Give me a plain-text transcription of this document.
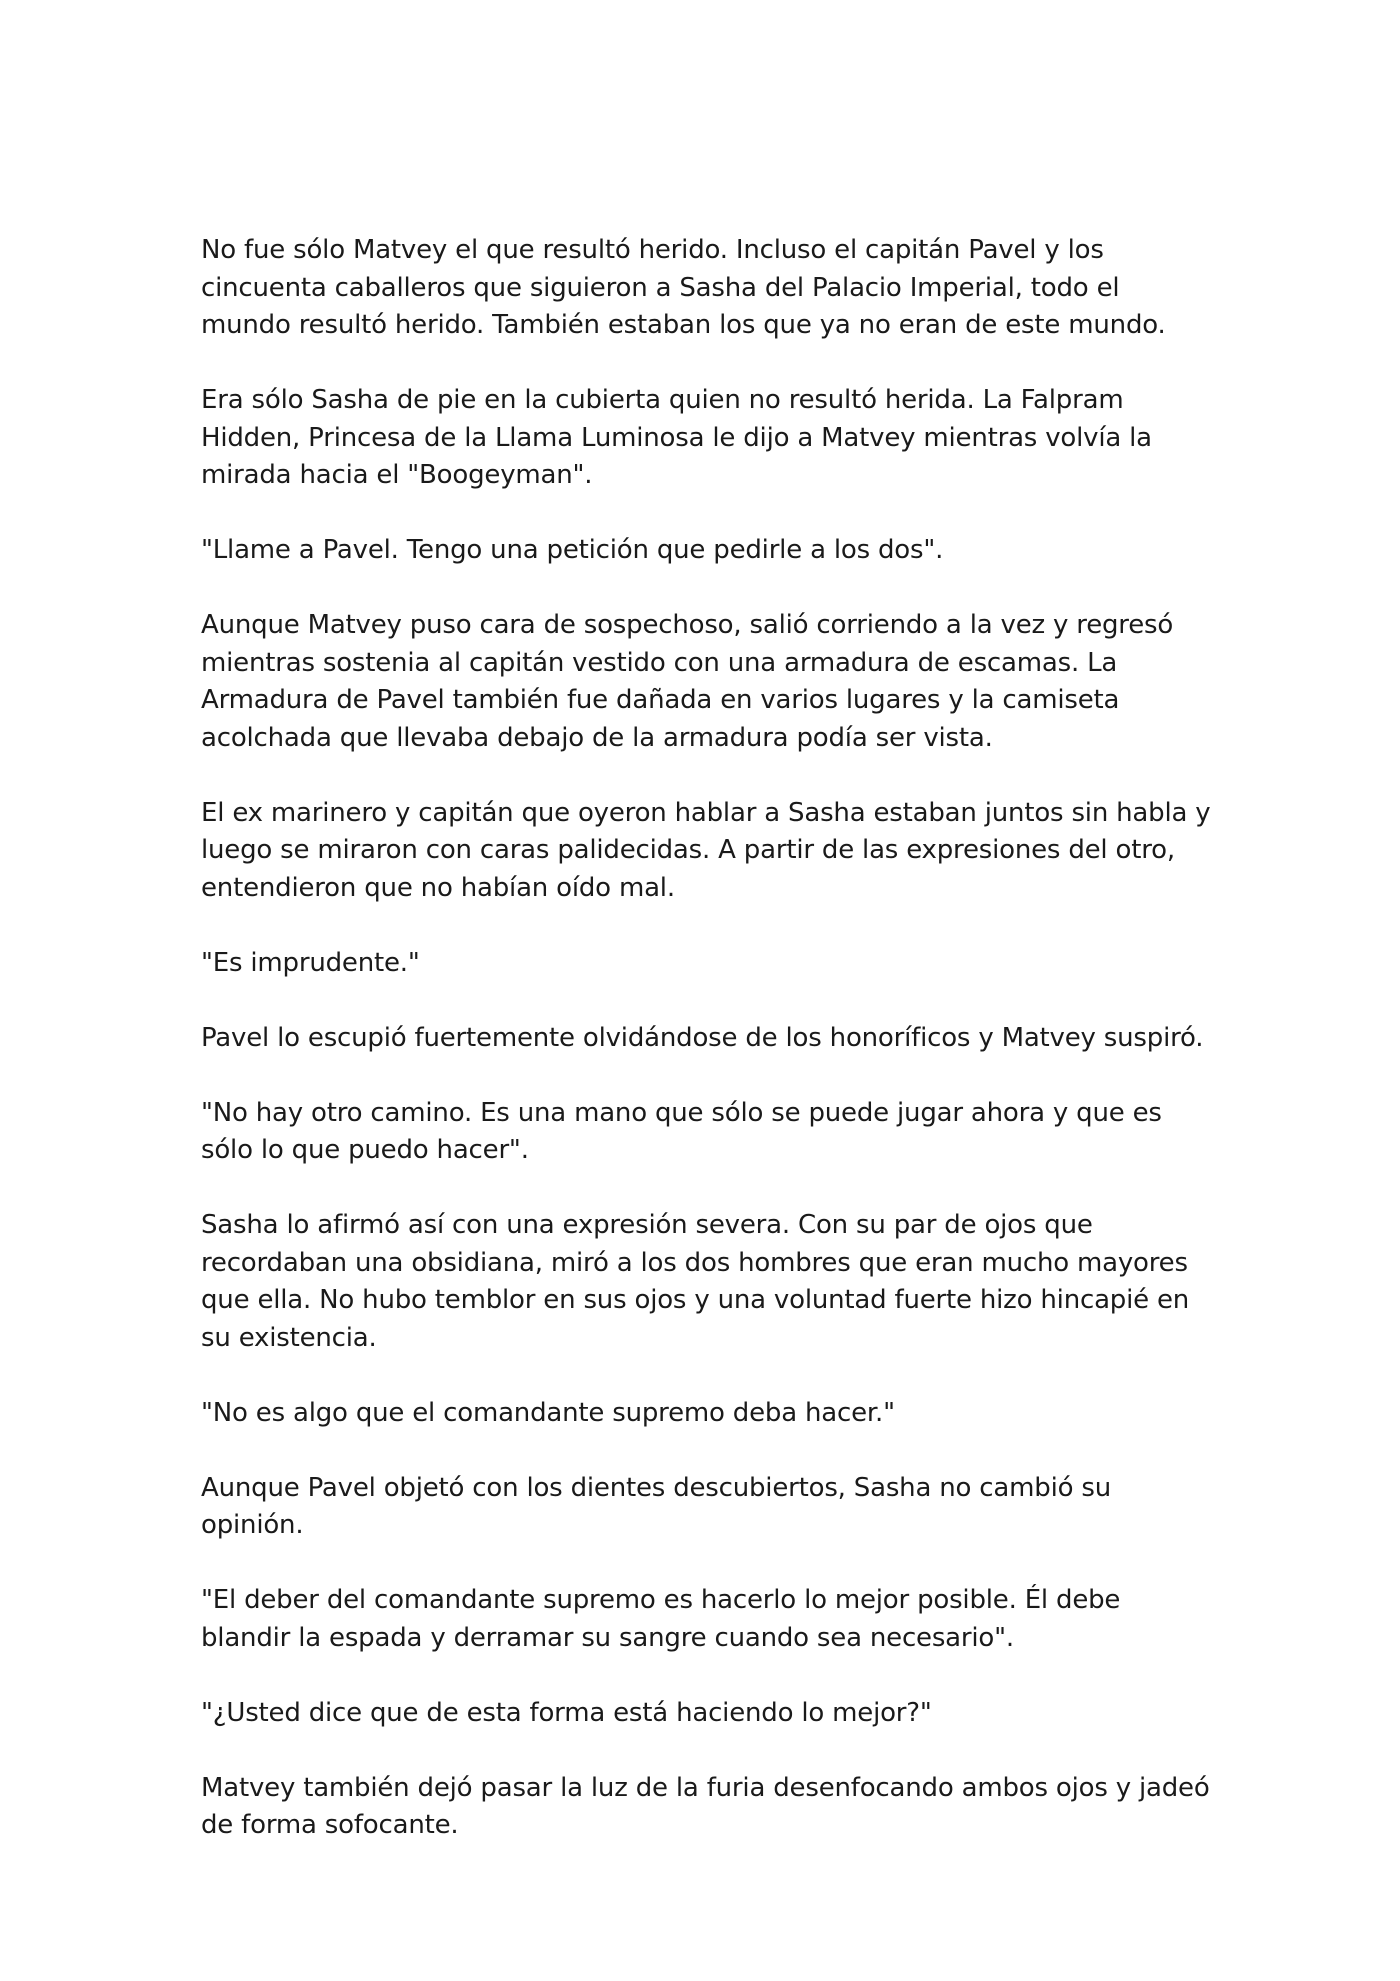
No fue sólo Matvey el que resultó herido. Incluso el capitán Pavel y los cincuenta caballeros que siguieron a Sasha del Palacio Imperial, todo el mundo resultó herido. También estaban los que ya no eran de este mundo.

Era sólo Sasha de pie en la cubierta quien no resultó herida. La Falpram Hidden, Princesa de la Llama Luminosa le dijo a Matvey mientras volvía la mirada hacia el "Boogeyman".

"Llame a Pavel. Tengo una petición que pedirle a los dos".

Aunque Matvey puso cara de sospechoso, salió corriendo a la vez y regresó mientras sostenia al capitán vestido con una armadura de escamas. La Armadura de Pavel también fue dañada en varios lugares y la camiseta acolchada que llevaba debajo de la armadura podía ser vista.

El ex marinero y capitán que oyeron hablar a Sasha estaban juntos sin habla y luego se miraron con caras palidecidas. A partir de las expresiones del otro, entendieron que no habían oído mal.

"Es imprudente."

Pavel lo escupió fuertemente olvidándose de los honoríficos y Matvey suspiró.

"No hay otro camino. Es una mano que sólo se puede jugar ahora y que es sólo lo que puedo hacer".

Sasha lo afirmó así con una expresión severa. Con su par de ojos que recordaban una obsidiana, miró a los dos hombres que eran mucho mayores que ella. No hubo temblor en sus ojos y una voluntad fuerte hizo hincapié en su existencia.

"No es algo que el comandante supremo deba hacer."

Aunque Pavel objetó con los dientes descubiertos, Sasha no cambió su opinión.

"El deber del comandante supremo es hacerlo lo mejor posible. Él debe blandir la espada y derramar su sangre cuando sea necesario".

"¿Usted dice que de esta forma está haciendo lo mejor?"

Matvey también dejó pasar la luz de la furia desenfocando ambos ojos y jadeó de forma sofocante.
